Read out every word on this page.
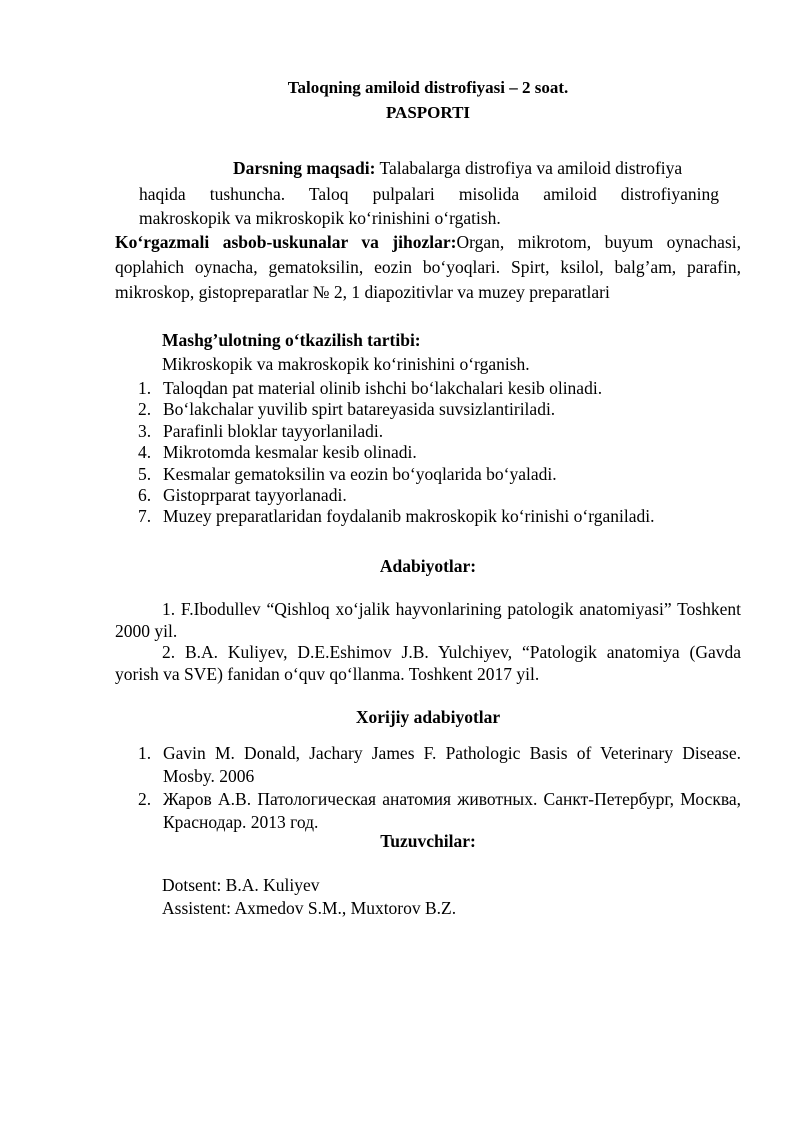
Taloqning amiloid distrofiyasi – 2 soat.
PASPORTI
Darsning maqsadi: Talabalarga distrofiya va amiloid distrofiya
haqida tushuncha. Taloq pulpalari misolida amiloid distrofiyaning
makroskopik va mikroskopik ko‘rinishini o‘rgatish.
Ko‘rgazmali asbob-uskunalar va jihozlar:Organ, mikrotom, buyum oynachasi, qoplahich oynacha, gematoksilin, eozin bo‘yoqlari. Spirt, ksilol, balg’am, parafin, mikroskop, gistopreparatlar № 2, 1 diapozitivlar va muzey preparatlari
Mashg’ulotning o‘tkazilish tartibi:
Mikroskopik va makroskopik ko‘rinishini o‘rganish.
1. Taloqdan pat material olinib ishchi bo‘lakchalari kesib olinadi.
2. Bo‘lakchalar yuvilib spirt batareyasida suvsizlantiriladi.
3. Parafinli bloklar tayyorlaniladi.
4. Mikrotomda kesmalar kesib olinadi.
5. Kesmalar gematoksilin va eozin bo‘yoqlarida bo‘yaladi.
6. Gistoprparat tayyorlanadi.
7. Muzey preparatlaridan foydalanib makroskopik ko‘rinishi o‘rganiladi.
Adabiyotlar:
1. F.Ibodullev “Qishloq xo‘jalik hayvonlarining patologik anatomiyasi” Toshkent 2000 yil.
2. B.A. Kuliyev, D.E.Eshimov J.B. Yulchiyev, “Patologik anatomiya (Gavda yorish va SVE) fanidan o‘quv qo‘llanma. Toshkent 2017 yil.
Xorijiy adabiyotlar
1. Gavin M. Donald, Jachary James F. Pathologic Basis of Veterinary Disease. Mosby. 2006
2. Жаров А.В. Патологическая анатомия животных. Санкт-Петербург, Москва, Краснодар. 2013 год.
Tuzuvchilar:
Dotsent: B.A. Kuliyev
Assistent: Axmedov S.M., Muxtorov B.Z.
